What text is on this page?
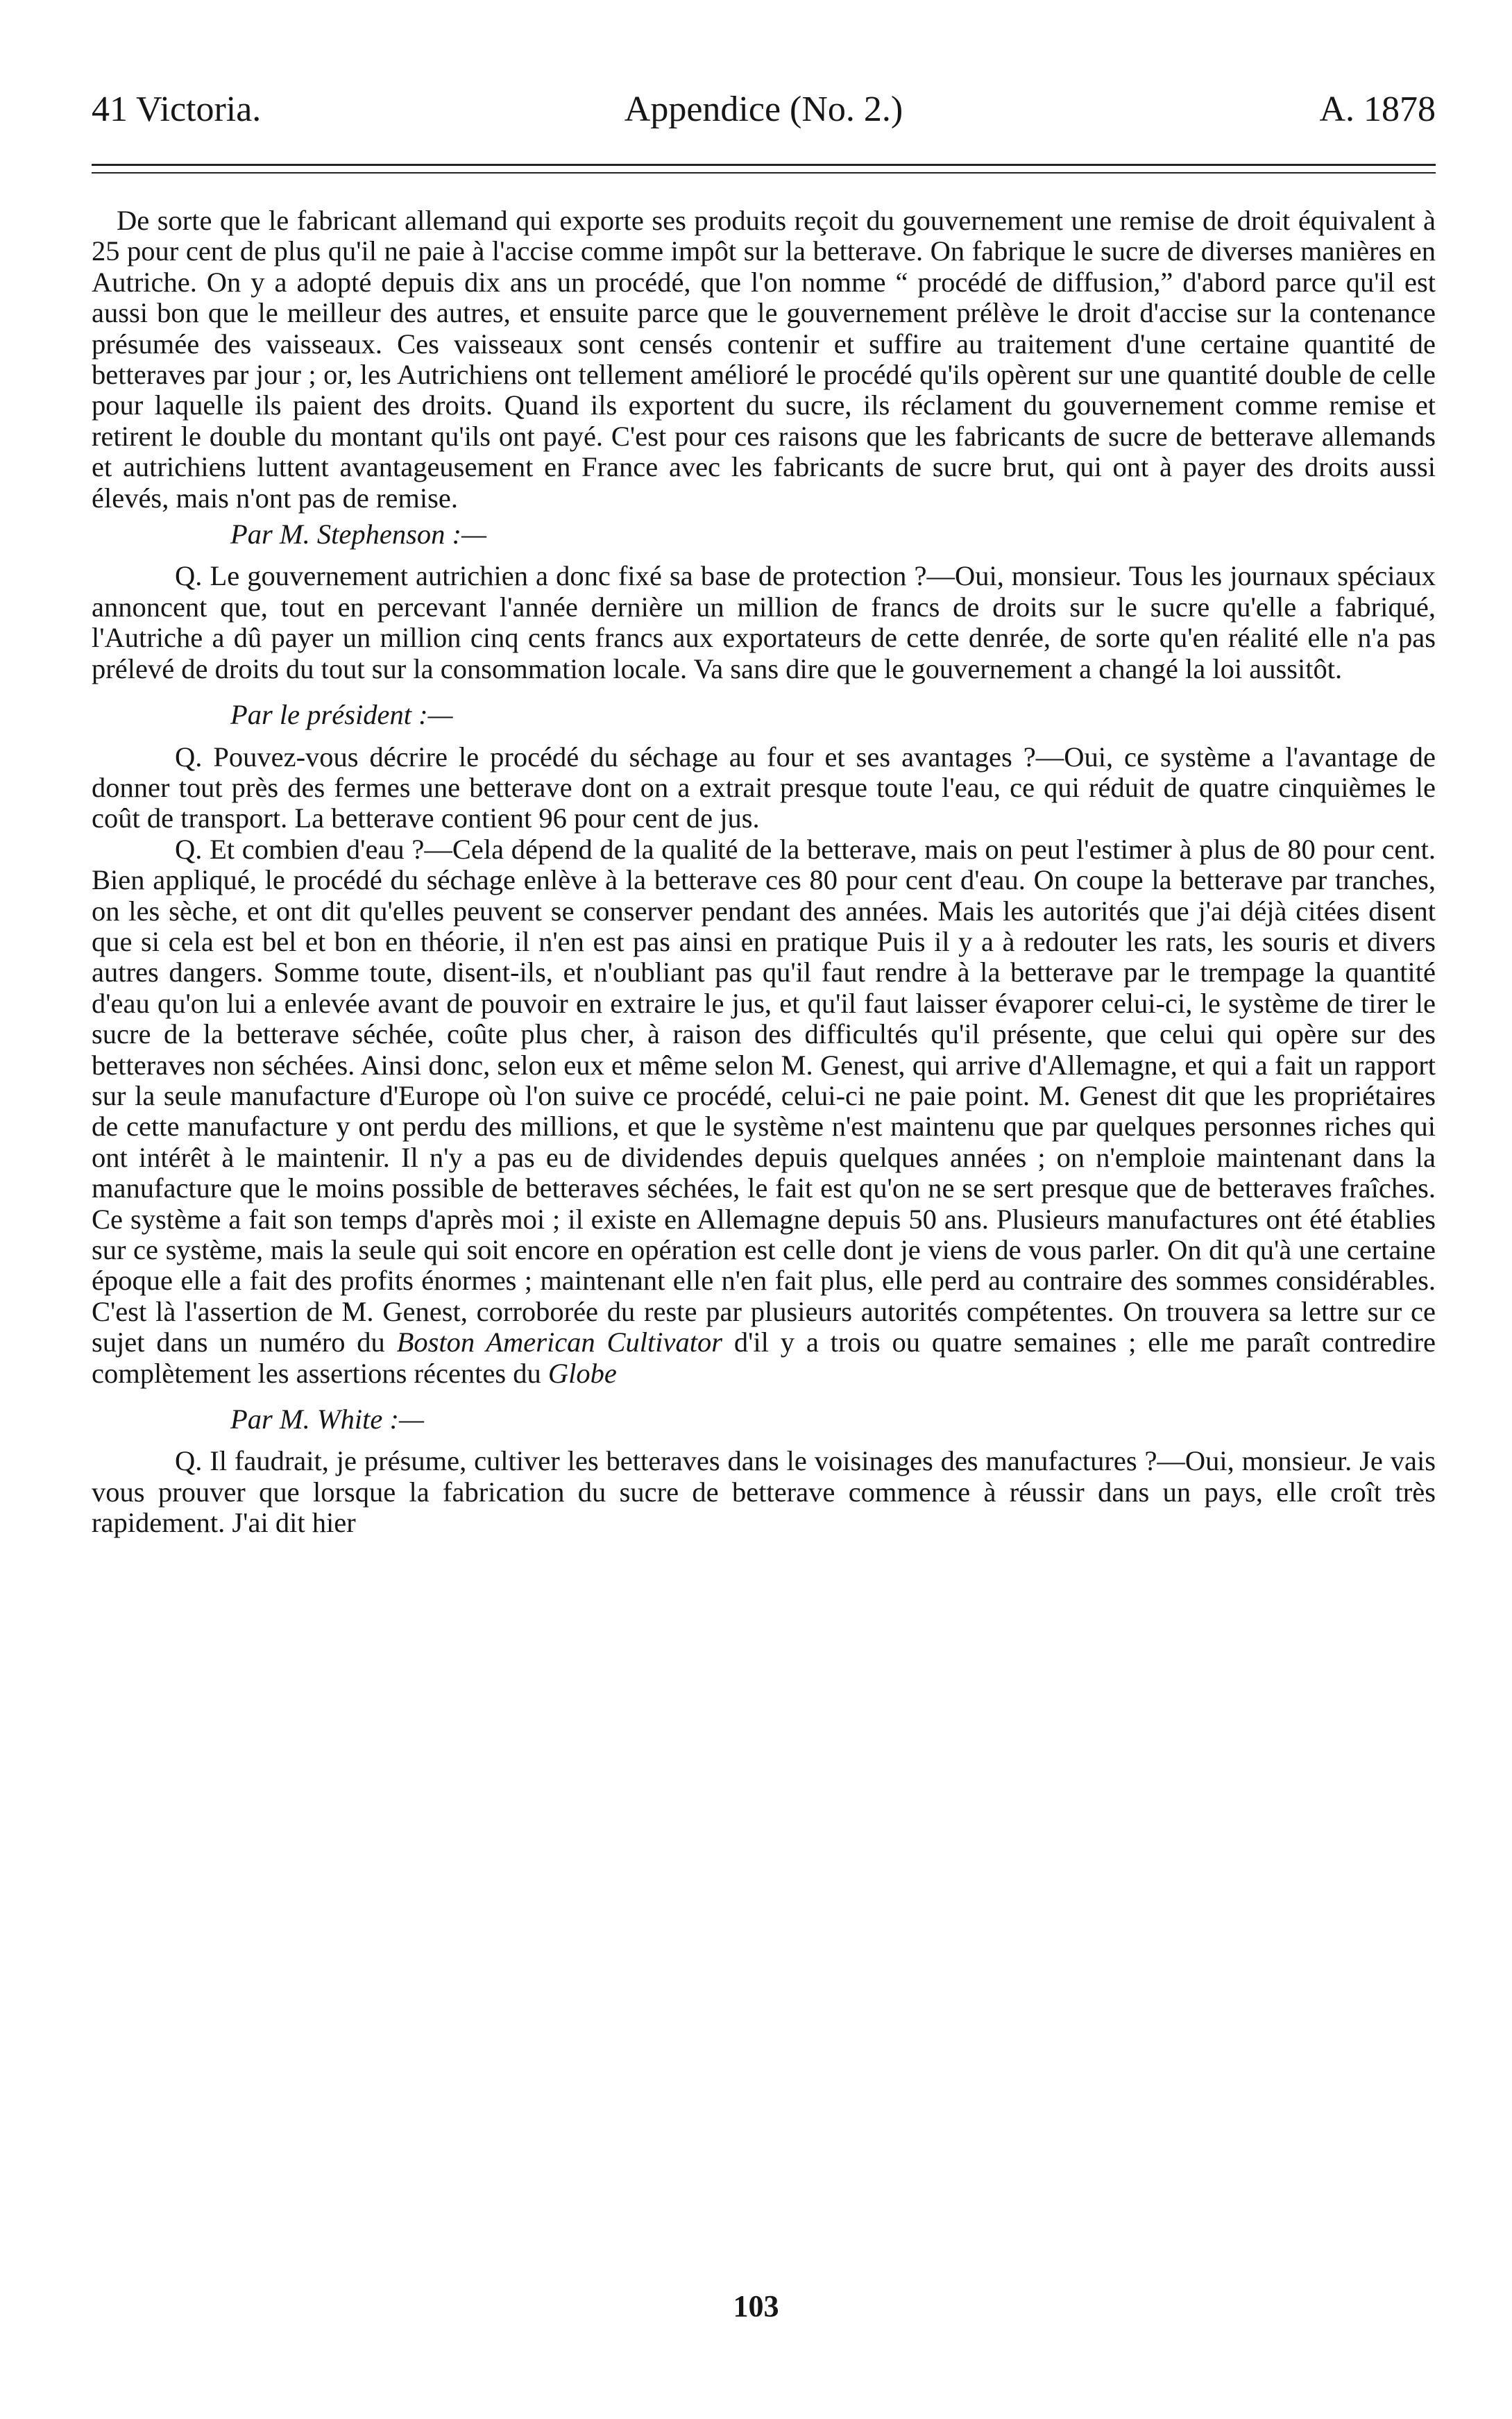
41 Victoria.	Appendice (No. 2.)	A. 1878

De sorte que le fabricant allemand qui exporte ses produits reçoit du gouvernement une remise de droit équivalent à 25 pour cent de plus qu'il ne paie à l'accise comme impôt sur la betterave. On fabrique le sucre de diverses manières en Autriche. On y a adopté depuis dix ans un procédé, que l'on nomme “ procédé de diffusion,” d'abord parce qu'il est aussi bon que le meilleur des autres, et ensuite parce que le gouvernement prélève le droit d'accise sur la contenance présumée des vaisseaux. Ces vaisseaux sont censés contenir et suffire au traitement d'une certaine quantité de betteraves par jour ; or, les Autrichiens ont tellement amélioré le procédé qu'ils opèrent sur une quantité double de celle pour laquelle ils paient des droits. Quand ils exportent du sucre, ils réclament du gouvernement comme remise et retirent le double du montant qu'ils ont payé. C'est pour ces raisons que les fabricants de sucre de betterave allemands et autrichiens luttent avantageusement en France avec les fabricants de sucre brut, qui ont à payer des droits aussi élevés, mais n'ont pas de remise.

Par M. Stephenson :—

Q. Le gouvernement autrichien a donc fixé sa base de protection ?—Oui, monsieur. Tous les journaux spéciaux annoncent que, tout en percevant l'année dernière un million de francs de droits sur le sucre qu'elle a fabriqué, l'Autriche a dû payer un million cinq cents francs aux exportateurs de cette denrée, de sorte qu'en réalité elle n'a pas prélevé de droits du tout sur la consommation locale. Va sans dire que le gouvernement a changé la loi aussitôt.

Par le président :—

Q. Pouvez-vous décrire le procédé du séchage au four et ses avantages ?—Oui, ce système a l'avantage de donner tout près des fermes une betterave dont on a extrait presque toute l'eau, ce qui réduit de quatre cinquièmes le coût de transport. La betterave contient 96 pour cent de jus.

Q. Et combien d'eau ?—Cela dépend de la qualité de la betterave, mais on peut l'estimer à plus de 80 pour cent. Bien appliqué, le procédé du séchage enlève à la betterave ces 80 pour cent d'eau. On coupe la betterave par tranches, on les sèche, et ont dit qu'elles peuvent se conserver pendant des années. Mais les autorités que j'ai déjà citées disent que si cela est bel et bon en théorie, il n'en est pas ainsi en pratique Puis il y a à redouter les rats, les souris et divers autres dangers. Somme toute, disent-ils, et n'oubliant pas qu'il faut rendre à la betterave par le trempage la quantité d'eau qu'on lui a enlevée avant de pouvoir en extraire le jus, et qu'il faut laisser évaporer celui-ci, le système de tirer le sucre de la betterave séchée, coûte plus cher, à raison des difficultés qu'il présente, que celui qui opère sur des betteraves non séchées. Ainsi donc, selon eux et même selon M. Genest, qui arrive d'Allemagne, et qui a fait un rapport sur la seule manufacture d'Europe où l'on suive ce procédé, celui-ci ne paie point. M. Genest dit que les propriétaires de cette manufacture y ont perdu des millions, et que le système n'est maintenu que par quelques personnes riches qui ont intérêt à le maintenir. Il n'y a pas eu de dividendes depuis quelques années ; on n'emploie maintenant dans la manufacture que le moins possible de betteraves séchées, le fait est qu'on ne se sert presque que de betteraves fraîches. Ce système a fait son temps d'après moi ; il existe en Allemagne depuis 50 ans. Plusieurs manufactures ont été établies sur ce système, mais la seule qui soit encore en opération est celle dont je viens de vous parler. On dit qu'à une certaine époque elle a fait des profits énormes ; maintenant elle n'en fait plus, elle perd au contraire des sommes considérables. C'est là l'assertion de M. Genest, corroborée du reste par plusieurs autorités compétentes. On trouvera sa lettre sur ce sujet dans un numéro du Boston American Cultivator d'il y a trois ou quatre semaines ; elle me paraît contredire complètement les assertions récentes du Globe

Par M. White :—

Q. Il faudrait, je présume, cultiver les betteraves dans le voisinages des manufactures ?—Oui, monsieur. Je vais vous prouver que lorsque la fabrication du sucre de betterave commence à réussir dans un pays, elle croît très rapidement. J'ai dit hier

103
